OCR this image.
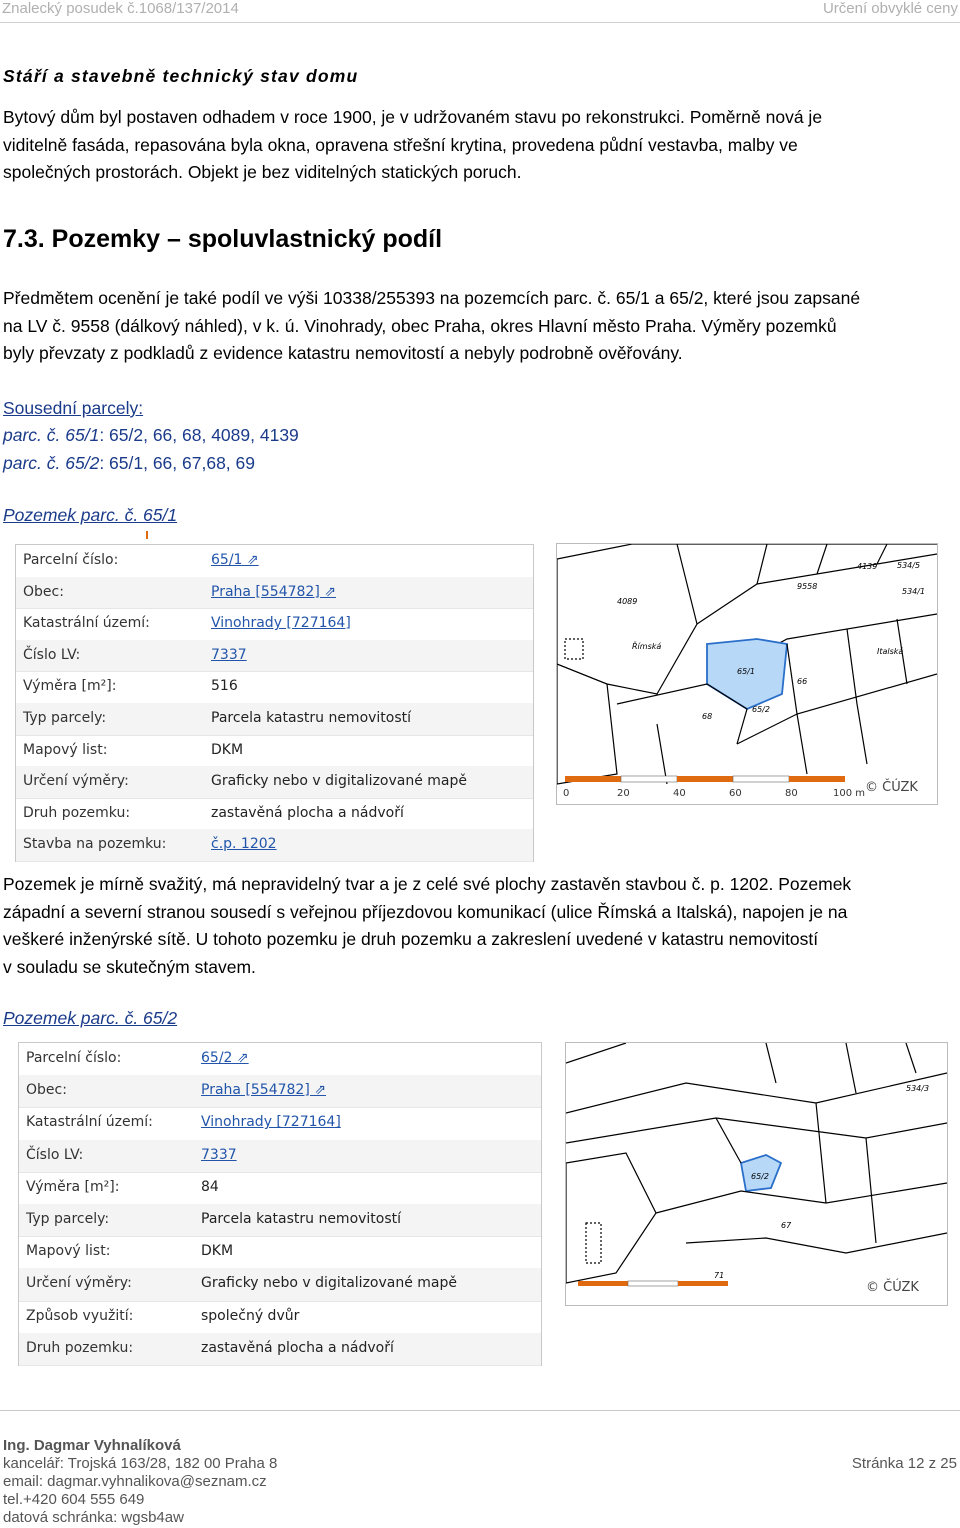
Znalecký posudek č.1068/137/2014	Určení obvyklé ceny
Stáří a stavebně technický stav domu
Bytový dům byl postaven odhadem v roce 1900, je v udržovaném stavu po rekonstrukci. Poměrně nová je
viditelně fasáda, repasována byla okna, opravena střešní krytina, provedena půdní vestavba, malby ve
společných prostorách. Objekt je bez viditelných statických poruch.
7.3. Pozemky – spoluvlastnický podíl
Předmětem ocenění je také podíl ve výši 10338/255393 na pozemcích parc. č. 65/1 a 65/2, které jsou zapsané
na LV č. 9558 (dálkový náhled), v k. ú. Vinohrady, obec Praha, okres Hlavní město Praha. Výměry pozemků
byly převzaty z podkladů z evidence katastru nemovitostí a nebyly podrobně ověřovány.
Sousední parcely:
parc. č. 65/1: 65/2, 66, 68, 4089, 4139
parc. č. 65/2: 65/1, 66, 67,68, 69
Pozemek parc. č. 65/1
Parcelní číslo:	65/1 ⇗
Obec:	Praha [554782] ⇗
Katastrální území:	Vinohrady [727164]
Číslo LV:	7337
Výměra [m²]:	516
Typ parcely:	Parcela katastru nemovitostí
Mapový list:	DKM
Určení výměry:	Graficky nebo v digitalizované mapě
Druh pozemku:	zastavěná plocha a nádvoří
Stavba na pozemku:	č.p. 1202
65/1
65/2
66
68
4089
4139
Římská
Italská
9558
534/5
534/1
0	20	40	60	80	100 m © ČÚZK
Pozemek je mírně svažitý, má nepravidelný tvar a je z celé své plochy zastavěn stavbou č. p. 1202. Pozemek
západní a severní stranou sousedí s veřejnou příjezdovou komunikací (ulice Římská a Italská), napojen je na
veškeré inženýrské sítě. U tohoto pozemku je druh pozemku a zakreslení uvedené v katastru nemovitostí
v souladu se skutečným stavem.
Pozemek parc. č. 65/2
Parcelní číslo:	65/2 ⇗
Obec:	Praha [554782] ⇗
Katastrální území:	Vinohrady [727164]
Číslo LV:	7337
Výměra [m²]:	84
Typ parcely:	Parcela katastru nemovitostí
Mapový list:	DKM
Určení výměry:	Graficky nebo v digitalizované mapě
Způsob využití:	společný dvůr
Druh pozemku:	zastavěná plocha a nádvoří
65/2
534/3
67
71
© ČÚZK
Ing. Dagmar Vyhnalíková
kancelář: Trojská 163/28, 182 00 Praha 8
email: dagmar.vyhnalikova@seznam.cz
tel.+420 604 555 649
datová schránka: wgsb4aw
Stránka 12 z 25
